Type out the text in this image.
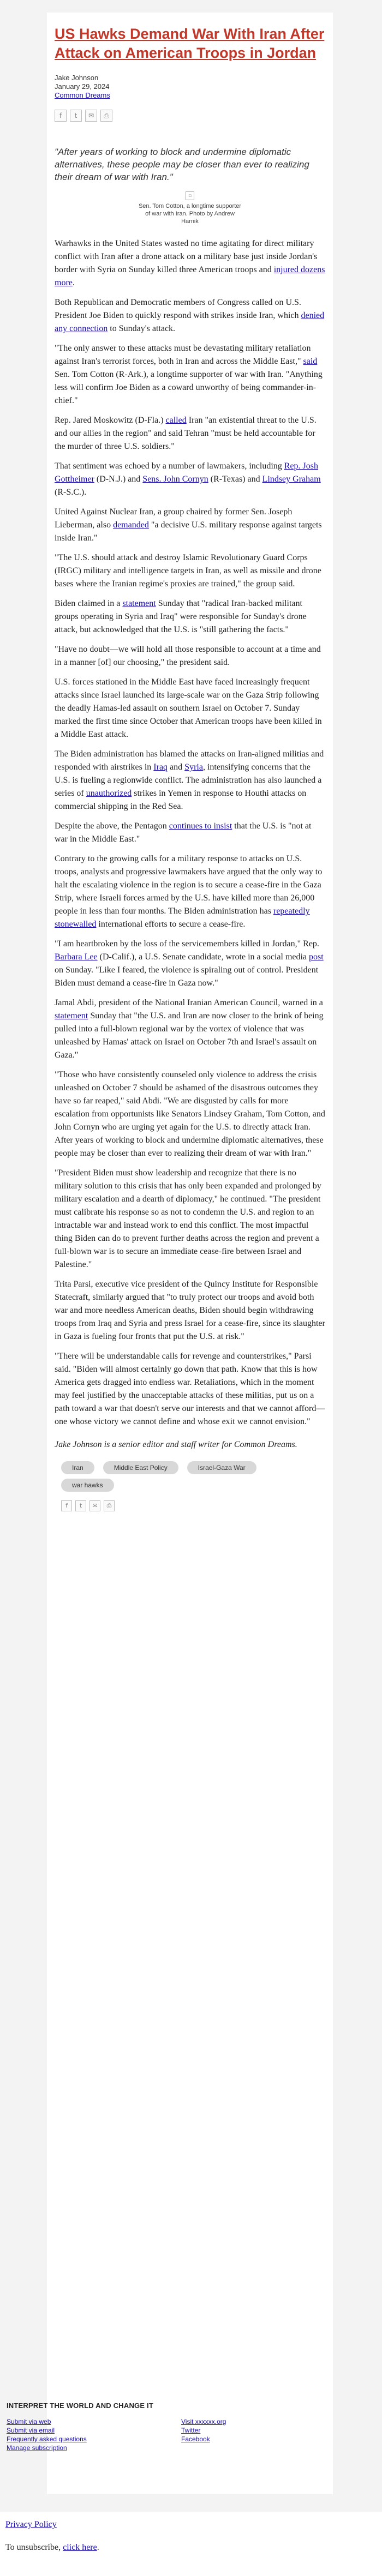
US Hawks Demand War With Iran After Attack on American Troops in Jordan
Jake Johnson
January 29, 2024
Common Dreams
f	t	✉	⎙
"After years of working to block and undermine diplomatic alternatives, these people may be closer than ever to realizing their dream of war with Iran."
▫
Sen. Tom Cotton, a longtime supporter of war with Iran. Photo by Andrew Harnik

Warhawks in the United States wasted no time agitating for direct military conflict with Iran after a drone attack on a military base just inside Jordan's border with Syria on Sunday killed three American troops and injured dozens more.

Both Republican and Democratic members of Congress called on U.S. President Joe Biden to quickly respond with strikes inside Iran, which denied any connection to Sunday's attack.

"The only answer to these attacks must be devastating military retaliation against Iran's terrorist forces, both in Iran and across the Middle East," said Sen. Tom Cotton (R-Ark.), a longtime supporter of war with Iran. "Anything less will confirm Joe Biden as a coward unworthy of being commander-in-chief."

Rep. Jared Moskowitz (D-Fla.) called Iran "an existential threat to the U.S. and our allies in the region" and said Tehran "must be held accountable for the murder of three U.S. soldiers."

That sentiment was echoed by a number of lawmakers, including Rep. Josh Gottheimer (D-N.J.) and Sens. John Cornyn (R-Texas) and Lindsey Graham (R-S.C.).

United Against Nuclear Iran, a group chaired by former Sen. Joseph Lieberman, also demanded "a decisive U.S. military response against targets inside Iran."

"The U.S. should attack and destroy Islamic Revolutionary Guard Corps (IRGC) military and intelligence targets in Iran, as well as missile and drone bases where the Iranian regime's proxies are trained," the group said.

Biden claimed in a statement Sunday that "radical Iran-backed militant groups operating in Syria and Iraq" were responsible for Sunday's drone attack, but acknowledged that the U.S. is "still gathering the facts."

"Have no doubt—we will hold all those responsible to account at a time and in a manner [of] our choosing," the president said.

U.S. forces stationed in the Middle East have faced increasingly frequent attacks since Israel launched its large-scale war on the Gaza Strip following the deadly Hamas-led assault on southern Israel on October 7. Sunday marked the first time since October that American troops have been killed in a Middle East attack.

The Biden administration has blamed the attacks on Iran-aligned militias and responded with airstrikes in Iraq and Syria, intensifying concerns that the U.S. is fueling a regionwide conflict. The administration has also launched a series of unauthorized strikes in Yemen in response to Houthi attacks on commercial shipping in the Red Sea.

Despite the above, the Pentagon continues to insist that the U.S. is "not at war in the Middle East."

Contrary to the growing calls for a military response to attacks on U.S. troops, analysts and progressive lawmakers have argued that the only way to halt the escalating violence in the region is to secure a cease-fire in the Gaza Strip, where Israeli forces armed by the U.S. have killed more than 26,000 people in less than four months. The Biden administration has repeatedly stonewalled international efforts to secure a cease-fire.

"I am heartbroken by the loss of the servicemembers killed in Jordan," Rep. Barbara Lee (D-Calif.), a U.S. Senate candidate, wrote in a social media post on Sunday. "Like I feared, the violence is spiraling out of control. President Biden must demand a cease-fire in Gaza now."

Jamal Abdi, president of the National Iranian American Council, warned in a statement Sunday that "the U.S. and Iran are now closer to the brink of being pulled into a full-blown regional war by the vortex of violence that was unleashed by Hamas' attack on Israel on October 7th and Israel's assault on Gaza."

"Those who have consistently counseled only violence to address the crisis unleashed on October 7 should be ashamed of the disastrous outcomes they have so far reaped," said Abdi. "We are disgusted by calls for more escalation from opportunists like Senators Lindsey Graham, Tom Cotton, and John Cornyn who are urging yet again for the U.S. to directly attack Iran. After years of working to block and undermine diplomatic alternatives, these people may be closer than ever to realizing their dream of war with Iran."

"President Biden must show leadership and recognize that there is no military solution to this crisis that has only been expanded and prolonged by military escalation and a dearth of diplomacy," he continued. "The president must calibrate his response so as not to condemn the U.S. and region to an intractable war and instead work to end this conflict. The most impactful thing Biden can do to prevent further deaths across the region and prevent a full-blown war is to secure an immediate cease-fire between Israel and Palestine."

Trita Parsi, executive vice president of the Quincy Institute for Responsible Statecraft, similarly argued that "to truly protect our troops and avoid both war and more needless American deaths, Biden should begin withdrawing troops from Iraq and Syria and press Israel for a cease-fire, since its slaughter in Gaza is fueling four fronts that put the U.S. at risk."

"There will be understandable calls for revenge and counterstrikes," Parsi said. "Biden will almost certainly go down that path. Know that this is how America gets dragged into endless war. Retaliations, which in the moment may feel justified by the unacceptable attacks of these militias, put us on a path toward a war that doesn't serve our interests and that we cannot afford—one whose victory we cannot define and whose exit we cannot envision."

Jake Johnson is a senior editor and staff writer for Common Dreams.
Iran	Middle East Policy	Israel-Gaza War
war hawks
f	t	✉	⎙
INTERPRET THE WORLD AND CHANGE IT
Submit via web
Submit via email
Frequently asked questions
Manage subscription
Visit xxxxxx.org
Twitter
Facebook
Privacy Policy
To unsubscribe, click here.
